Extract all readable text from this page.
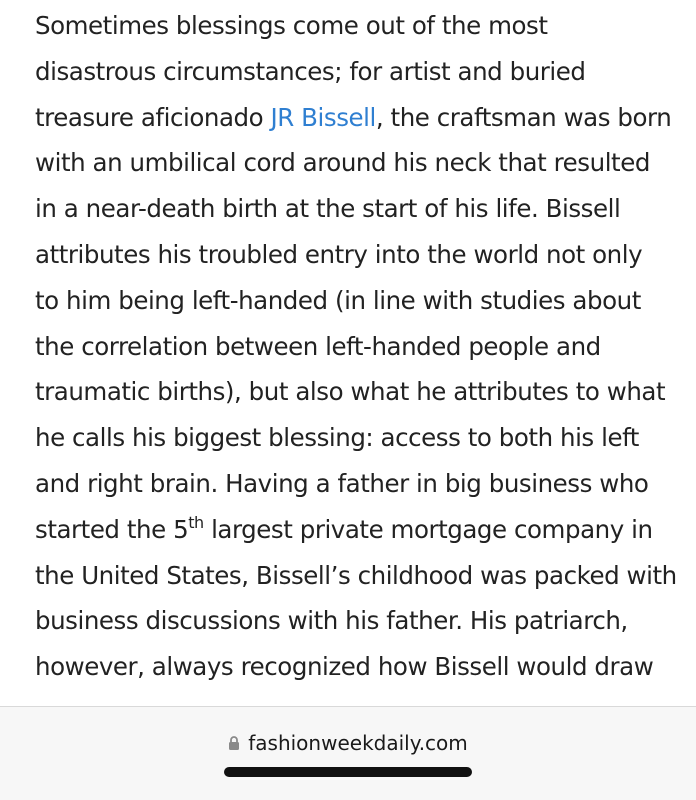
Sometimes blessings come out of the most
disastrous circumstances; for artist and buried
treasure aficionado JR Bissell, the craftsman was born
with an umbilical cord around his neck that resulted
in a near-death birth at the start of his life. Bissell
attributes his troubled entry into the world not only
to him being left-handed (in line with studies about
the correlation between left-handed people and
traumatic births), but also what he attributes to what
he calls his biggest blessing: access to both his left
and right brain. Having a father in big business who
started the 5th largest private mortgage company in
the United States, Bissell’s childhood was packed with
business discussions with his father. His patriarch,
however, always recognized how Bissell would draw
fashionweekdaily.com
